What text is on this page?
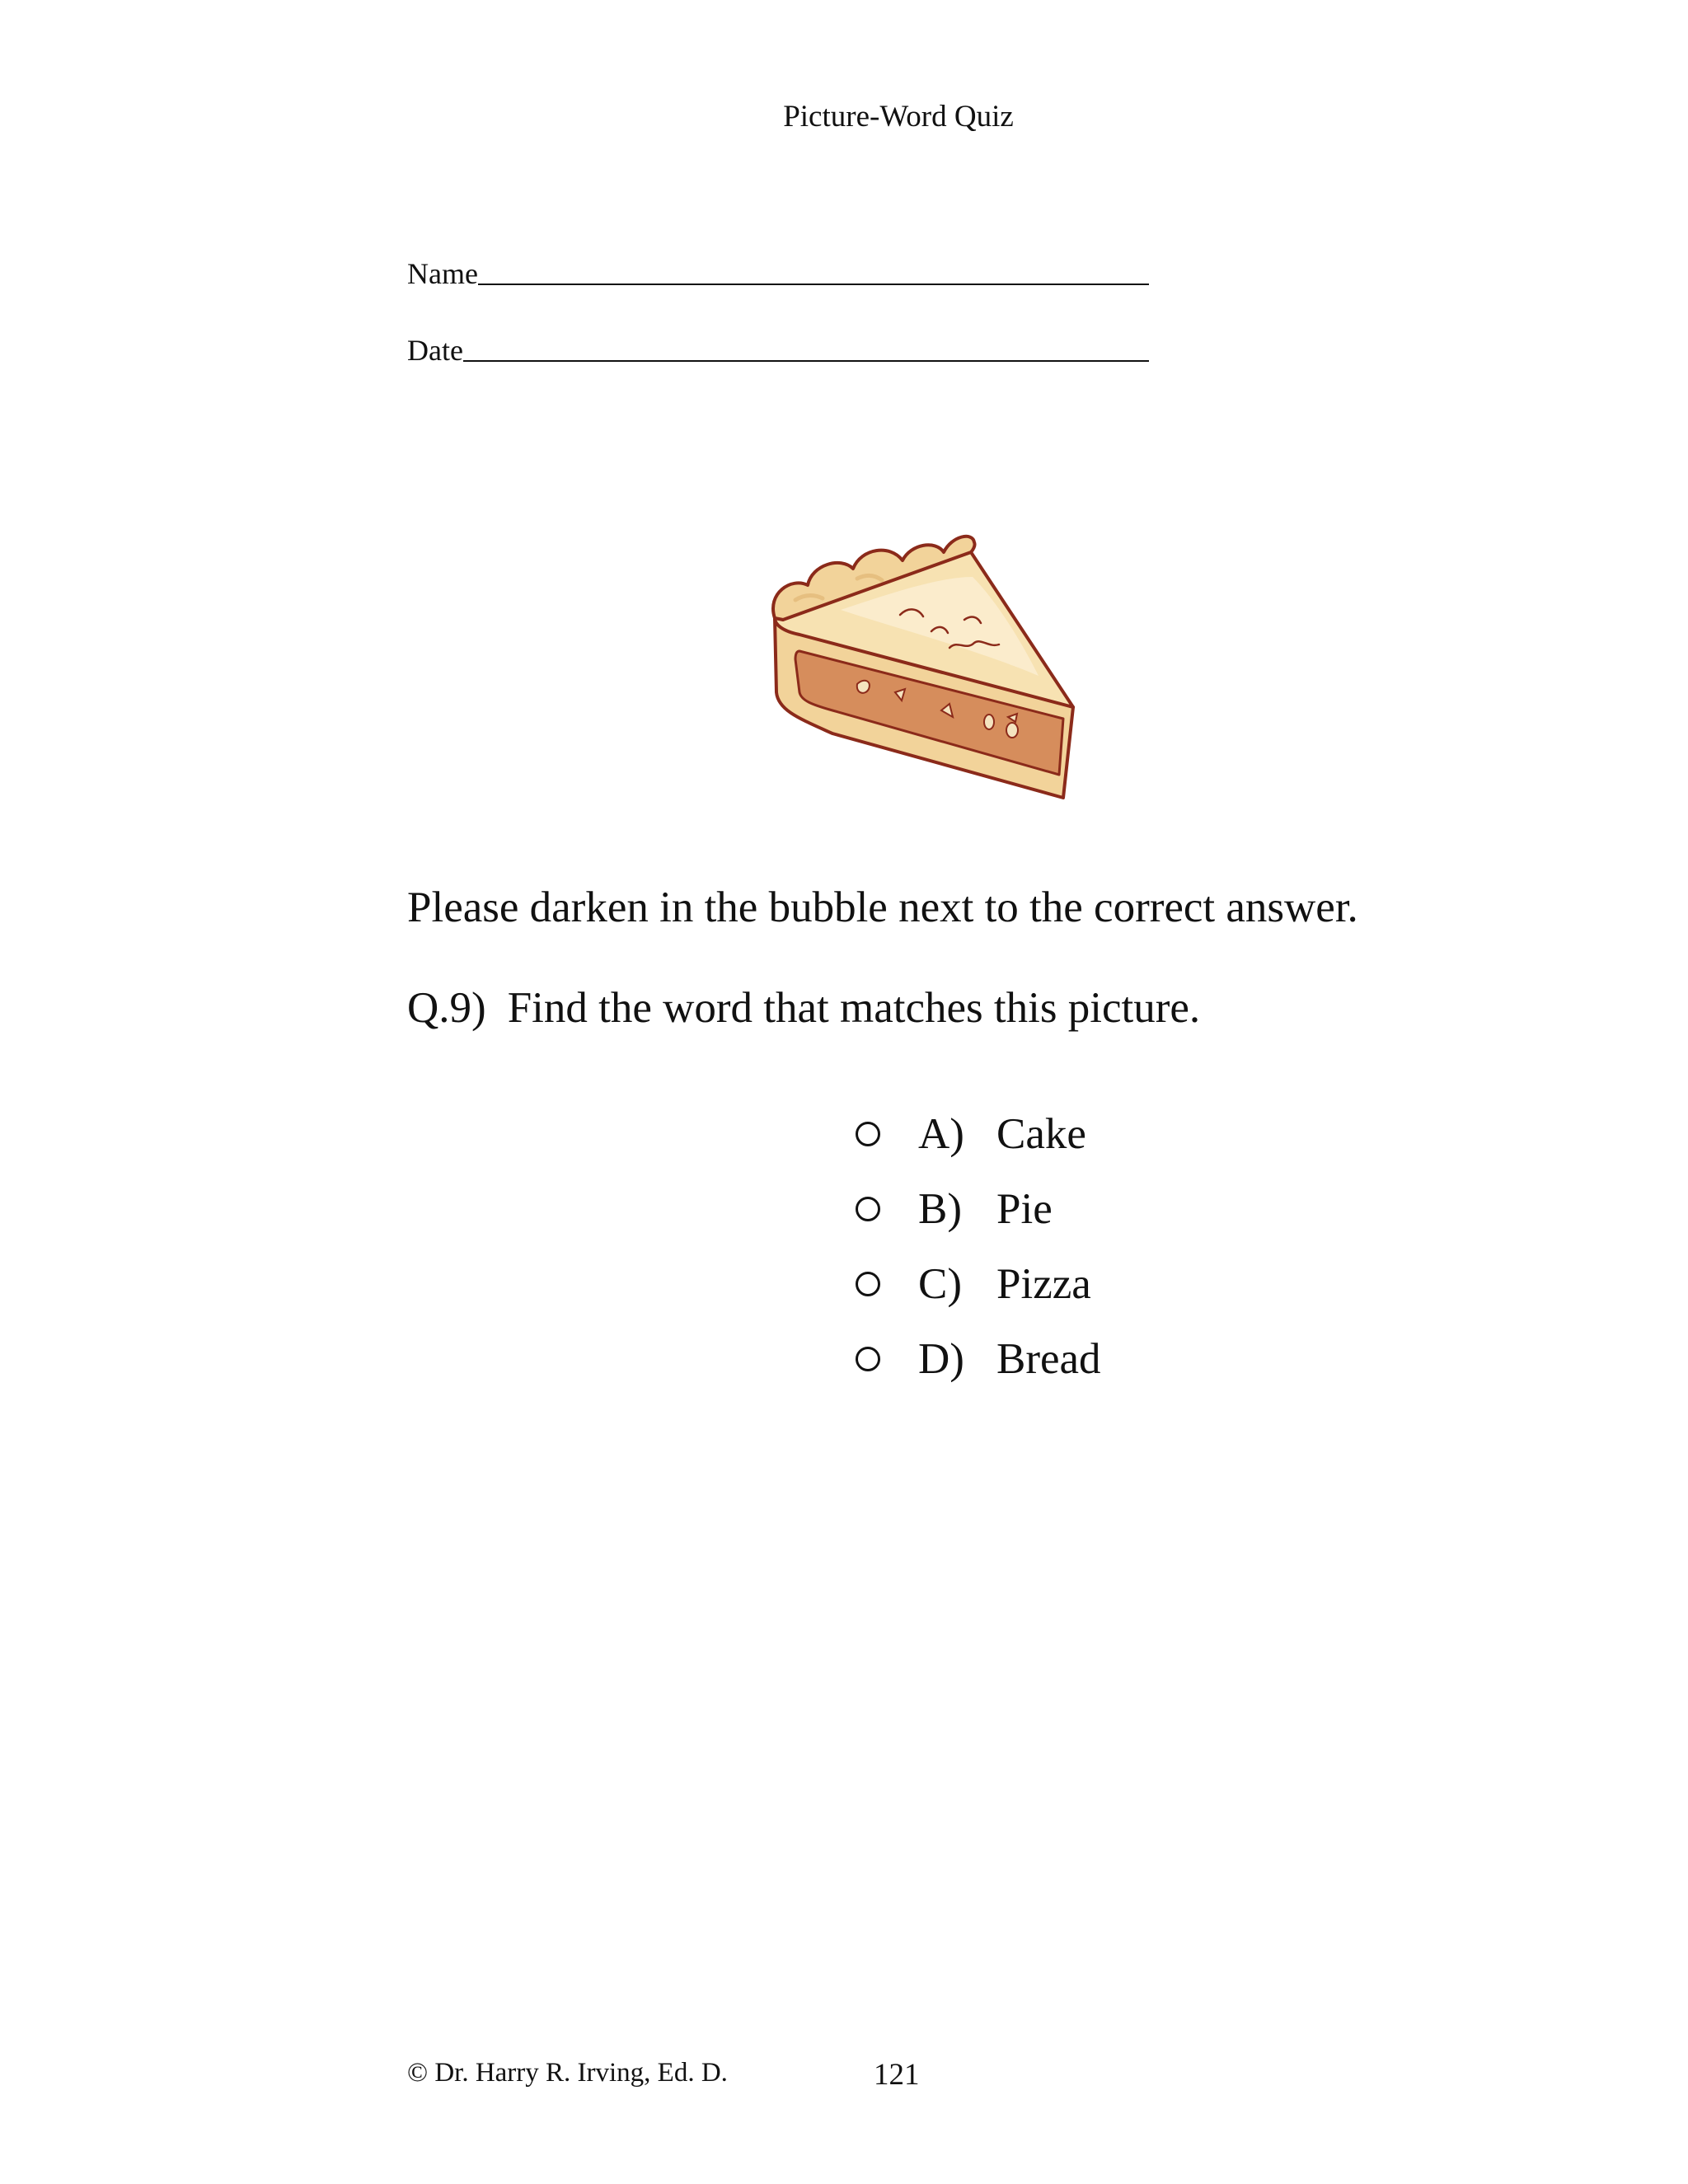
Picture-Word Quiz
Name
Date
Please darken in the bubble next to the correct answer.
Q.9) Find the word that matches this picture.
A) Cake
B) Pie
C) Pizza
D) Bread
© Dr. Harry R. Irving, Ed. D.	121
